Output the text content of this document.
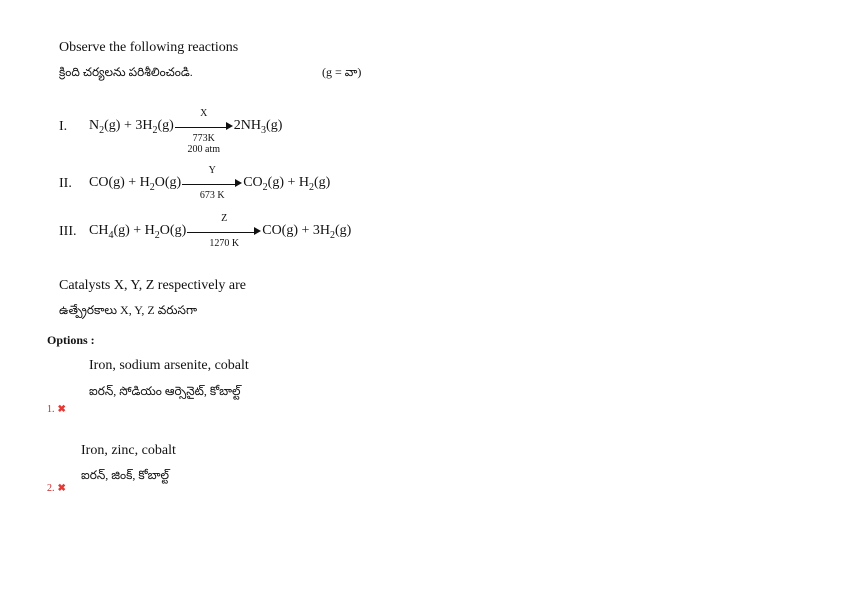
Observe the following reactions
క్రింది చర్యలను పరిశీలించండి.	(g = వా)
I.	$N_2(g) + 3H_2(g)$
X
773K
200 atm
$2NH_3(g)$
II.	$CO(g) + H_2O(g)$
Y
673 K
$CO_2(g) + H_2(g)$
III. $CH_4(g) + H_2O(g)$
Z
1270 K
$CO(g) + 3H_2(g)$
Catalysts X, Y, Z respectively are
ఉత్ప్రేరకాలు X, Y, Z వరుసగా
Options :
Iron, sodium arsenite, cobalt
ఐరన్, సోడియం ఆర్సెనైట్, కోబాల్ట్
1. ✖
Iron, zinc, cobalt
ఐరన్, జింక్, కోబాల్ట్
2. ✖
